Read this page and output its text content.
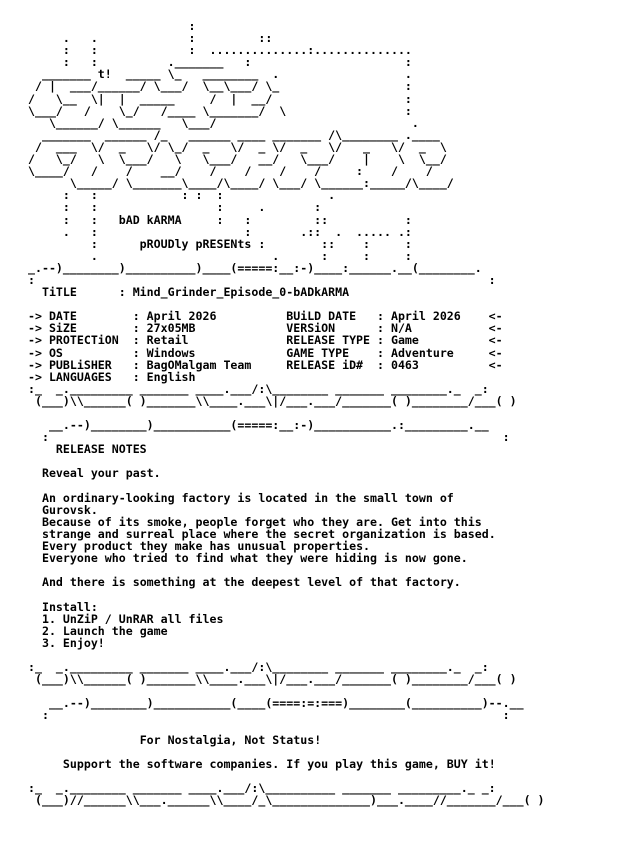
:
.   .             :         ::
:   :             :  ..............:..............
:   :          ._______   :                      :
_______ t!  _____ \_   ________  .                  .
/ |  ___/______/ \___/  \__\___/ \_                  :
/   \__  \|  |  _____     /  |  __/                   :
\___/   /    \_/   /____ \_______/  \                 :
\______/ \______   \___/                            .
_______  ______ /_   ______ ____ _______ /\________ .____
/  ___  \/  _   \/ \_/  _   \/  _ \/  _   \/   _   \/  _  \
/   \_/   \  \___/   \   \___/   __/   \___/    |    \  \__/
\____/   /    /    __/    /    /    /    /     :    /    /
\_____/ \_______\____/\____/ \___/ \______:_____/\____/
:   :            : :  :               .
:   :                 :     .       :
:   :   bAD kARMA     :   :         ::           :
.   :                     :       .::  .  ..... .:
:      pROUDly pRESENts :        ::    :     :
.                         .      :     :     :
_.--)________)__________)____(=====:__:-)____:______.__(________.
:                                                                 :
TiTLE      : Mind_Grinder_Episode_0-bADkARMA

-> DATE        : April 2026          BUiLD DATE   : April 2026    <-
-> SiZE        : 27x05MB             VERSiON      : N/A           <-
-> PROTECTiON  : Retail              RELEASE TYPE : Game          <-
-> OS          : Windows             GAME TYPE    : Adventure     <-
-> PUBLiSHER   : BagOMalgam Team     RELEASE iD#  : 0463          <-
-> LANGUAGES   : English
:_  _._________ _______ ____.___/:\________ _______ ________._  _:
(___)\\______( )_______\\____.___\|/___.___/_______( )________/___( )

__.--)________)___________(=====:__:-)___________.:_________.__
:                                                                 :
RELEASE NOTES

Reveal your past.

An ordinary-looking factory is located in the small town of
Gurovsk.
Because of its smoke, people forget who they are. Get into this
strange and surreal place where the secret organization is based.
Every product they make has unusual properties.
Everyone who tried to find what they were hiding is now gone.

And there is something at the deepest level of that factory.

Install:
1. UnZiP / UnRAR all files
2. Launch the game
3. Enjoy!

:_  _._________ _______ ____.___/:\________ _______ ________._  _:
(___)\\______( )_______\\____.___\|/___.___/_______( )________/___( )

__.--)________)___________(____(====:=:===)________(__________)--.__
:                                                                 :

For Nostalgia, Not Status!

Support the software companies. If you play this game, BUY it!

:_  _.________ _______ ____.___/:\__________ _______ _________._ _:
(___)//______\\___.______\\____/_\______________)___.____//_______/___( )
